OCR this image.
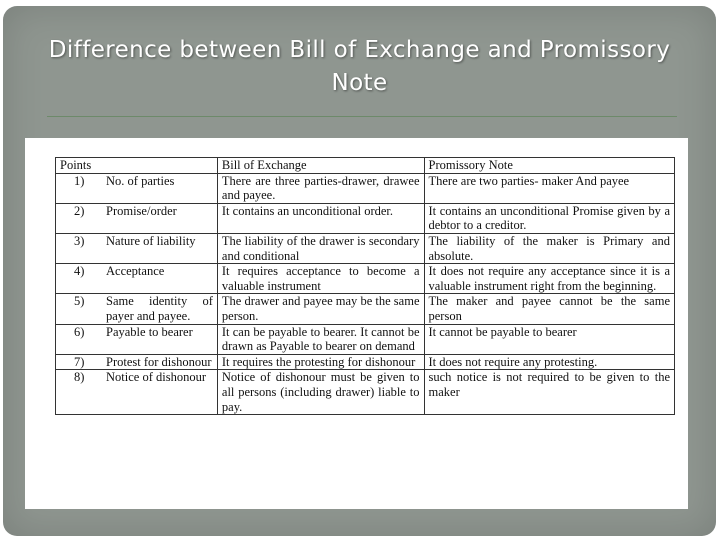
Difference between Bill of Exchange and Promissory
Note
Points	Bill of Exchange	Promissory Note

1) No. of parties	There are three parties-drawer, drawee and payee.	There are two parties- maker And payee

2) Promise/order	It contains an unconditional order.	It contains an unconditional Promise given by a debtor to a creditor.

3) Nature of liability	The liability of the drawer is secondary and conditional	The liability of the maker is Primary and absolute.

4) Acceptance	It requires acceptance to become a valuable instrument	It does not require any acceptance since it is a valuable instrument right from the beginning.

5) Same identity of payer and payee.	The drawer and payee may be the same person.	The maker and payee cannot be the same person

6) Payable to bearer	It can be payable to bearer. It cannot be drawn as Payable to bearer on demand	It cannot be payable to bearer

7) Protest for dishonour	It requires the protesting for dishonour	It does not require any protesting.

8) Notice of dishonour	Notice of dishonour must be given to all persons (including drawer) liable to pay.	such notice is not required to be given to the maker
